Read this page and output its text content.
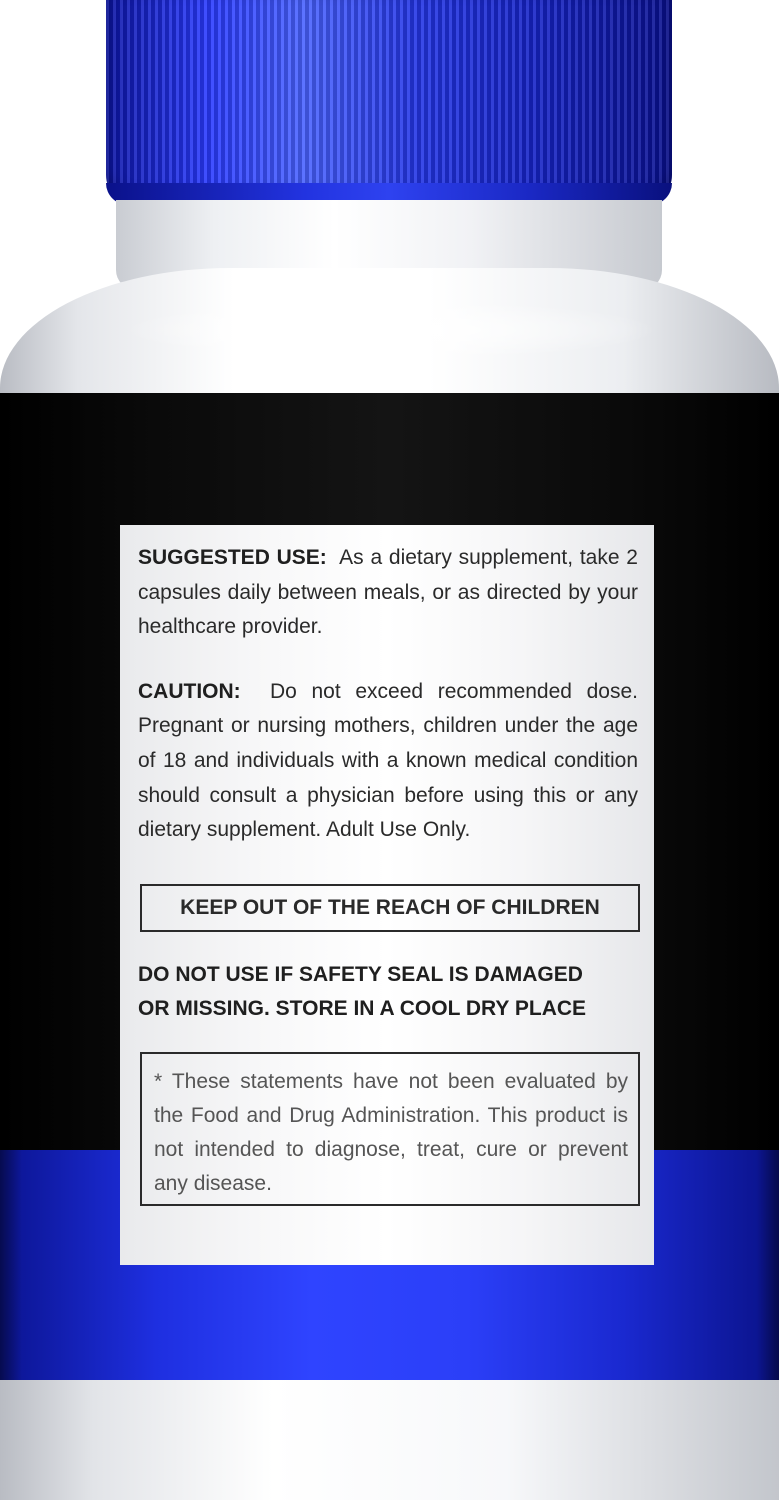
SUGGESTED USE: As a dietary supplement, take 2 capsules daily between meals, or as directed by your healthcare provider.

CAUTION: Do not exceed recommended dose. Pregnant or nursing mothers, children under the age of 18 and individuals with a known medical condition should consult a physician before using this or any dietary supplement. Adult Use Only.

KEEP OUT OF THE REACH OF CHILDREN
DO NOT USE IF SAFETY SEAL IS DAMAGED
OR MISSING. STORE IN A COOL DRY PLACE
* These statements have not been evaluated by the Food and Drug Administration. This product is not intended to diagnose, treat, cure or prevent any disease.
